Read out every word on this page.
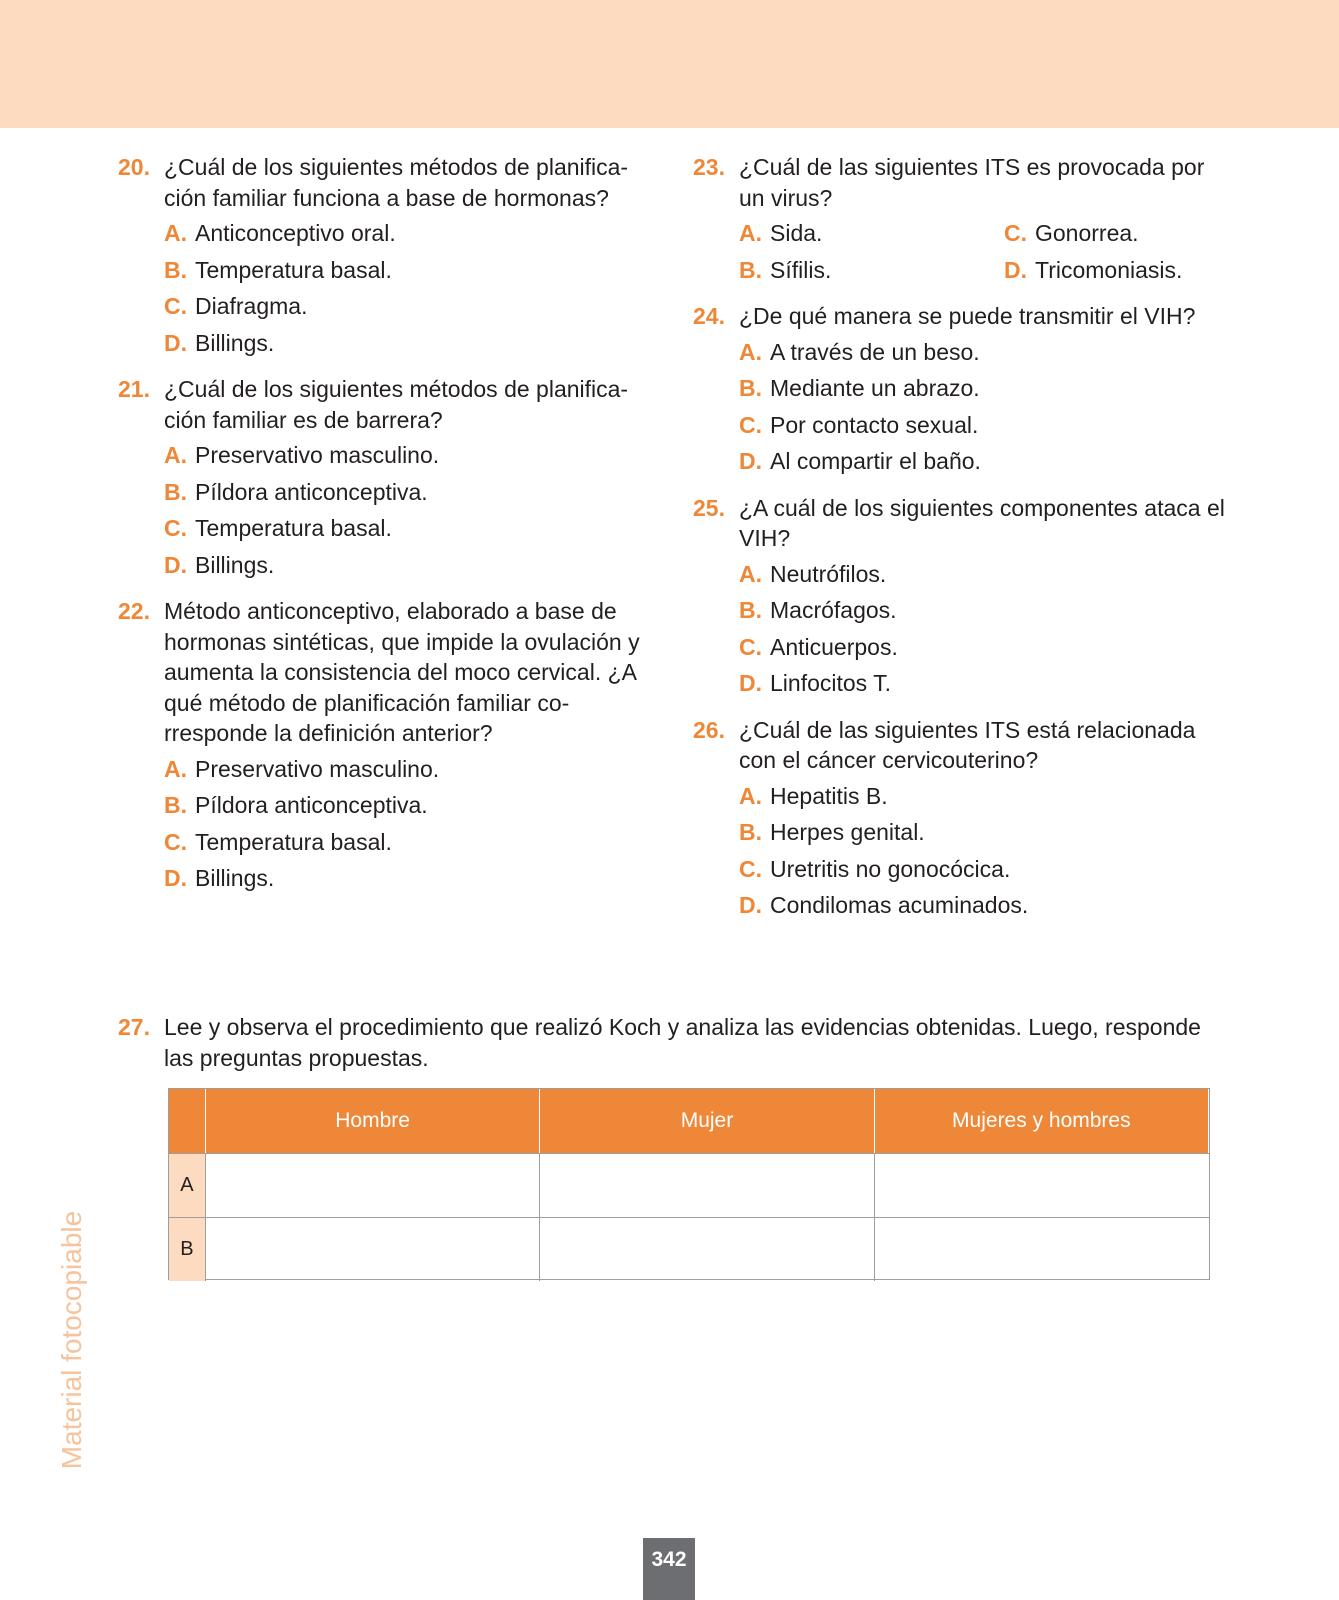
20. ¿Cuál de los siguientes métodos de planifica-ción familiar funciona a base de hormonas?
A. Anticonceptivo oral.
B. Temperatura basal.
C. Diafragma.
D. Billings.
21. ¿Cuál de los siguientes métodos de planifica-ción familiar es de barrera?
A. Preservativo masculino.
B. Píldora anticonceptiva.
C. Temperatura basal.
D. Billings.
22. Método anticonceptivo, elaborado a base de hormonas sintéticas, que impide la ovulación y aumenta la consistencia del moco cervical. ¿A qué método de planificación familiar co-rresponde la definición anterior?
A. Preservativo masculino.
B. Píldora anticonceptiva.
C. Temperatura basal.
D. Billings.
23. ¿Cuál de las siguientes ITS es provocada por un virus?
A. Sida.	C. Gonorrea.
B. Sífilis.	D. Tricomoniasis.
24. ¿De qué manera se puede transmitir el VIH?
A. A través de un beso.
B. Mediante un abrazo.
C. Por contacto sexual.
D. Al compartir el baño.
25. ¿A cuál de los siguientes componentes ataca el VIH?
A. Neutrófilos.
B. Macrófagos.
C. Anticuerpos.
D. Linfocitos T.
26. ¿Cuál de las siguientes ITS está relacionada con el cáncer cervicouterino?
A. Hepatitis B.
B. Herpes genital.
C. Uretritis no gonocócica.
D. Condilomas acuminados.
27. Lee y observa el procedimiento que realizó Koch y analiza las evidencias obtenidas. Luego, responde las preguntas propuestas.
Hombre	Mujer	Mujeres y hombres
A
B
Material fotocopiable
342
